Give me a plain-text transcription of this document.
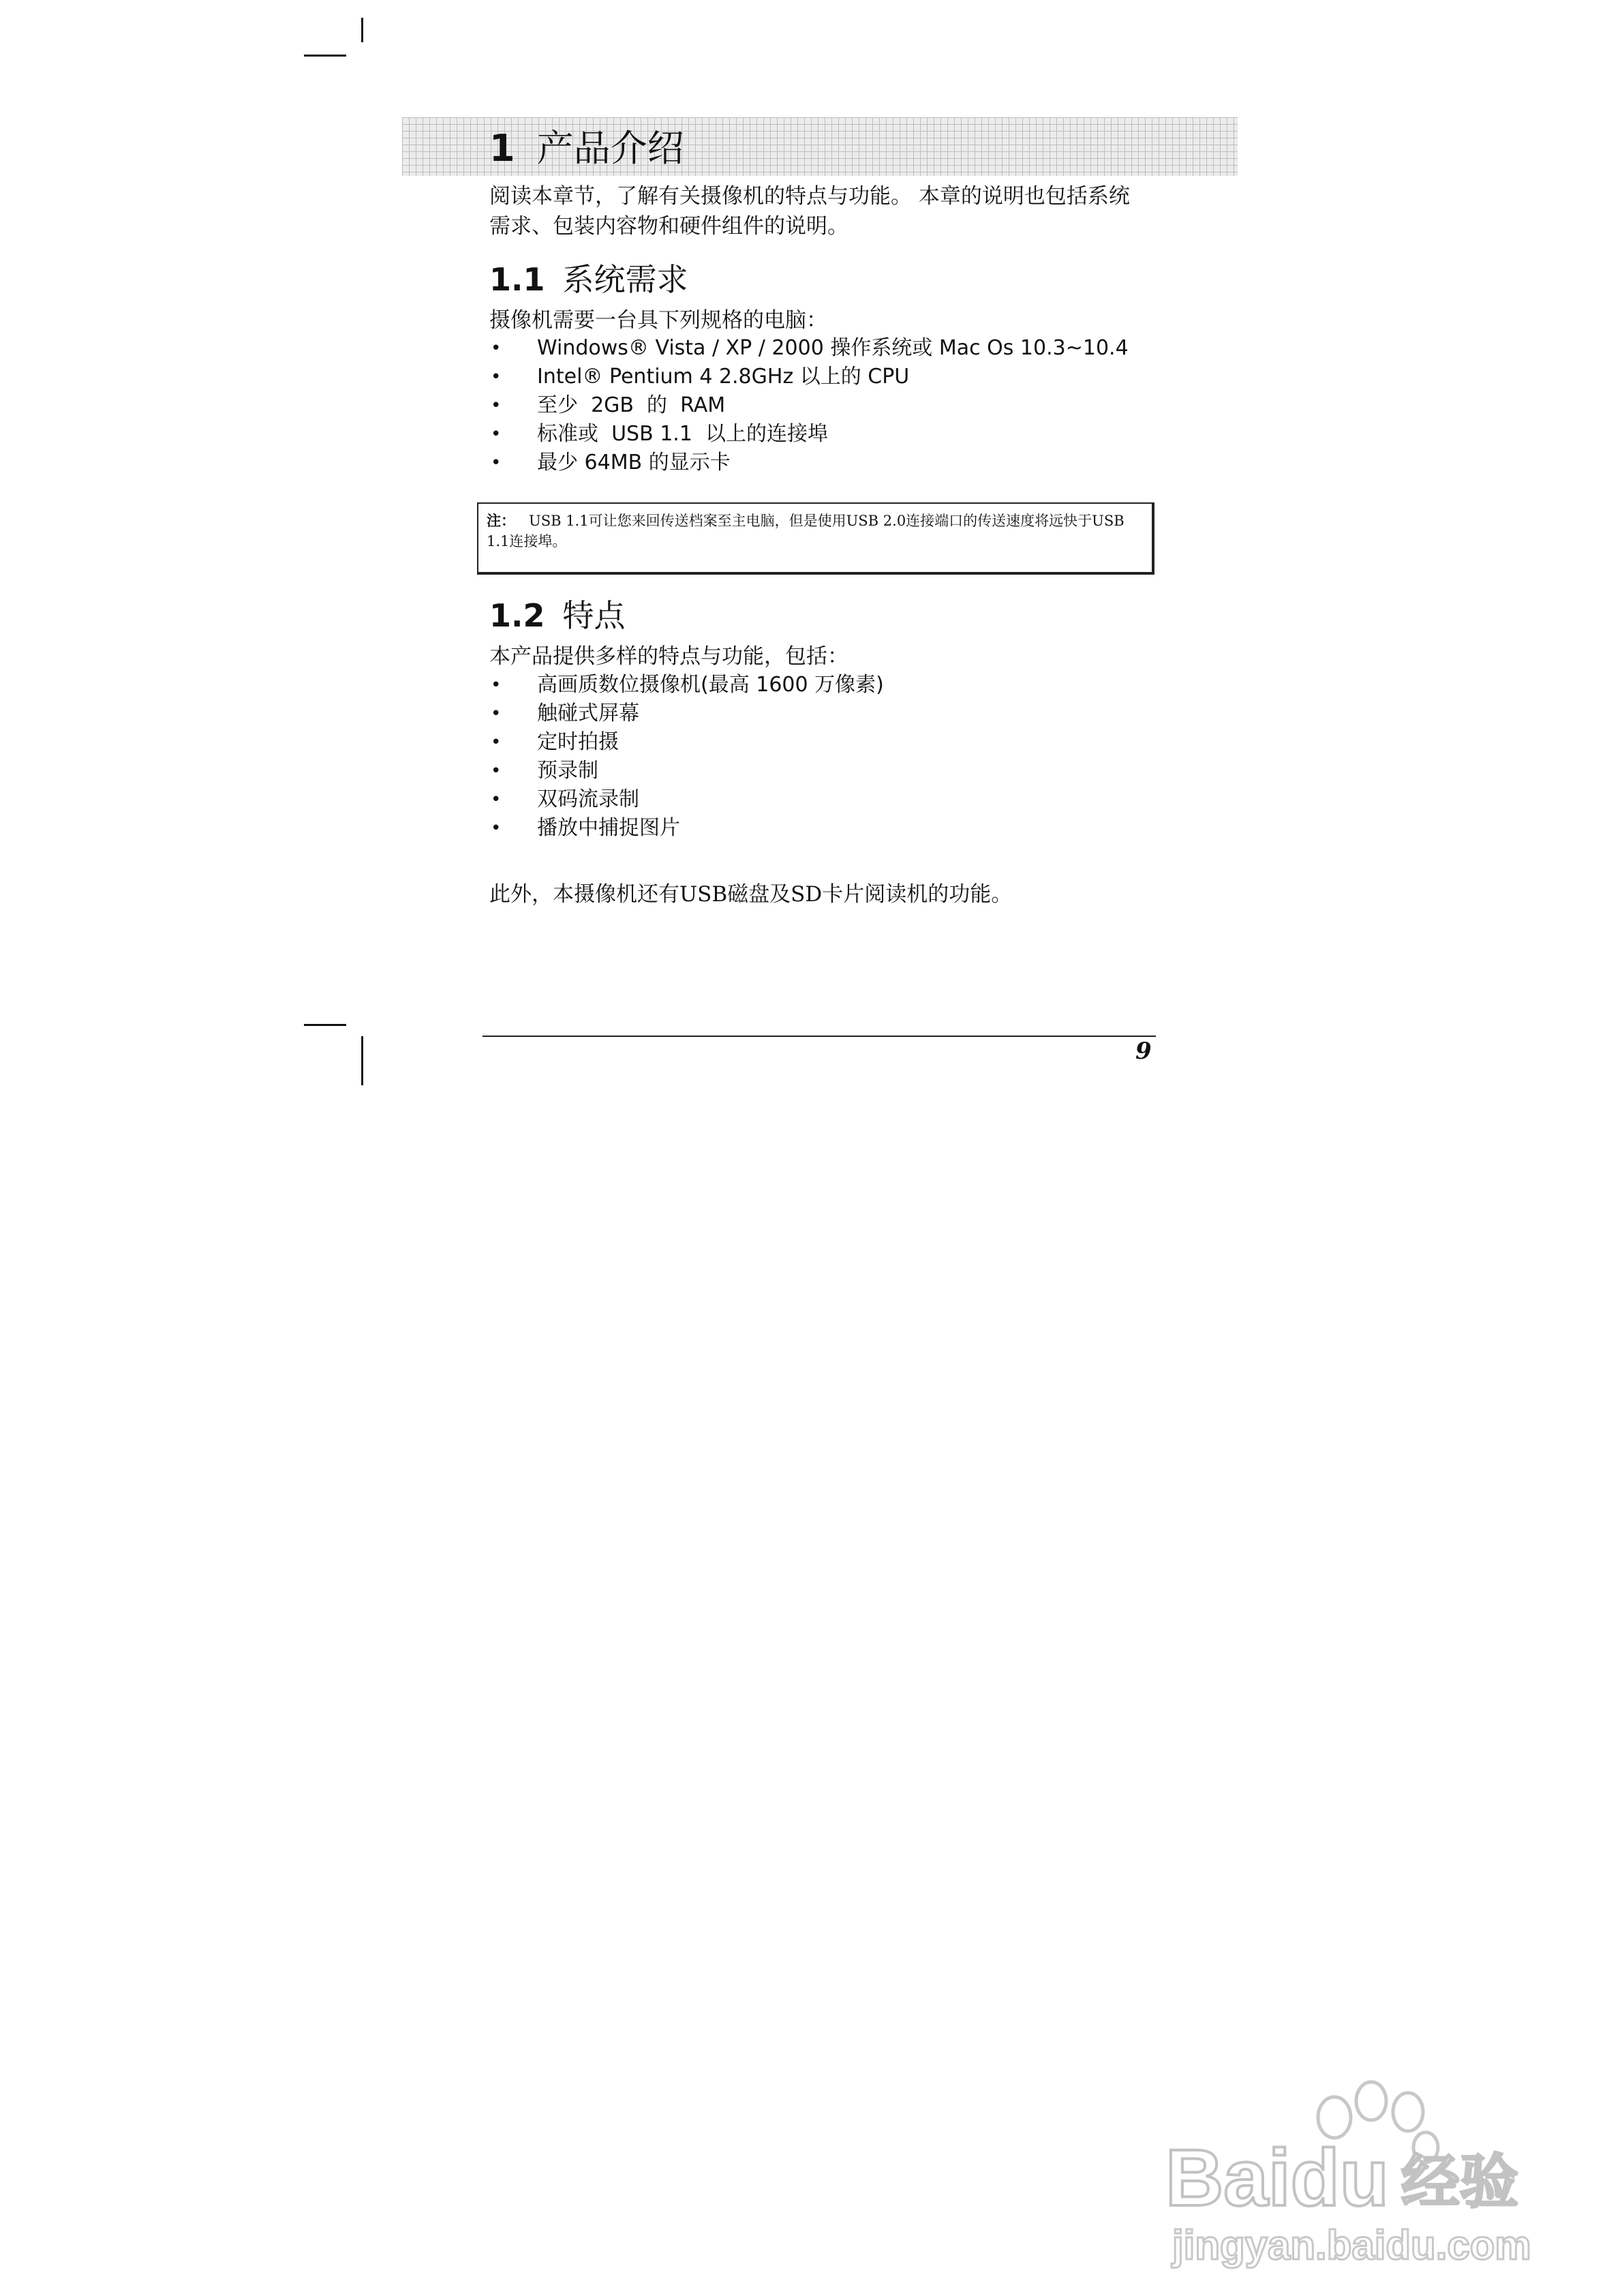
1 产品介绍
阅读本章节，了解有关摄像机的特点与功能。 本章的说明也包括系统
需求、包装内容物和硬件组件的说明。
1.1 系统需求
摄像机需要一台具下列规格的电脑：
• Windows® Vista / XP / 2000 操作系统或 Mac Os 10.3~10.4
• Intel® Pentium 4 2.8GHz 以上的 CPU
• 至少  2GB  的  RAM
• 标准或  USB 1.1  以上的连接埠
• 最少 64MB 的显示卡
注： USB 1.1可让您来回传送档案至主电脑，但是使用USB 2.0连接端口的传送速度将远快于USB 1.1连接埠。
1.2 特点
本产品提供多样的特点与功能，包括：
• 高画质数位摄像机(最高 1600 万像素)
• 触碰式屏幕
• 定时拍摄
• 预录制
• 双码流录制
• 播放中捕捉图片
此外，本摄像机还有USB磁盘及SD卡片阅读机的功能。
9
Baidu 经验
jingyan.baidu.com
